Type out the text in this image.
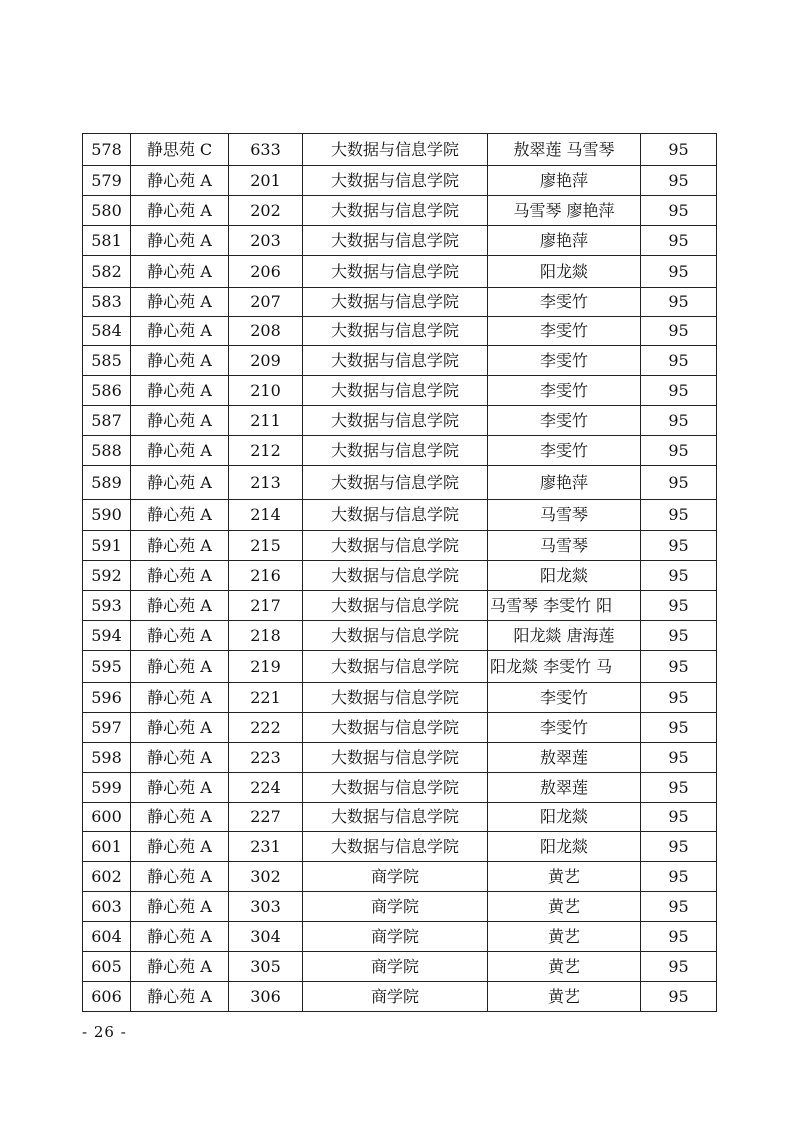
578	静思苑 C	633	大数据与信息学院	敖翠莲 马雪琴	95
579	静心苑 A	201	大数据与信息学院	廖艳萍	95
580	静心苑 A	202	大数据与信息学院	马雪琴 廖艳萍	95
581	静心苑 A	203	大数据与信息学院	廖艳萍	95
582	静心苑 A	206	大数据与信息学院	阳龙燚	95
583	静心苑 A	207	大数据与信息学院	李雯竹	95
584	静心苑 A	208	大数据与信息学院	李雯竹	95
585	静心苑 A	209	大数据与信息学院	李雯竹	95
586	静心苑 A	210	大数据与信息学院	李雯竹	95
587	静心苑 A	211	大数据与信息学院	李雯竹	95
588	静心苑 A	212	大数据与信息学院	李雯竹	95
589	静心苑 A	213	大数据与信息学院	廖艳萍	95
590	静心苑 A	214	大数据与信息学院	马雪琴	95
591	静心苑 A	215	大数据与信息学院	马雪琴	95
592	静心苑 A	216	大数据与信息学院	阳龙燚	95
593	静心苑 A	217	大数据与信息学院	马雪琴 李雯竹 阳	95
594	静心苑 A	218	大数据与信息学院	阳龙燚 唐海莲	95
595	静心苑 A	219	大数据与信息学院	阳龙燚 李雯竹 马	95
596	静心苑 A	221	大数据与信息学院	李雯竹	95
597	静心苑 A	222	大数据与信息学院	李雯竹	95
598	静心苑 A	223	大数据与信息学院	敖翠莲	95
599	静心苑 A	224	大数据与信息学院	敖翠莲	95
600	静心苑 A	227	大数据与信息学院	阳龙燚	95
601	静心苑 A	231	大数据与信息学院	阳龙燚	95
602	静心苑 A	302	商学院	黄艺	95
603	静心苑 A	303	商学院	黄艺	95
604	静心苑 A	304	商学院	黄艺	95
605	静心苑 A	305	商学院	黄艺	95
606	静心苑 A	306	商学院	黄艺	95
- 26 -
